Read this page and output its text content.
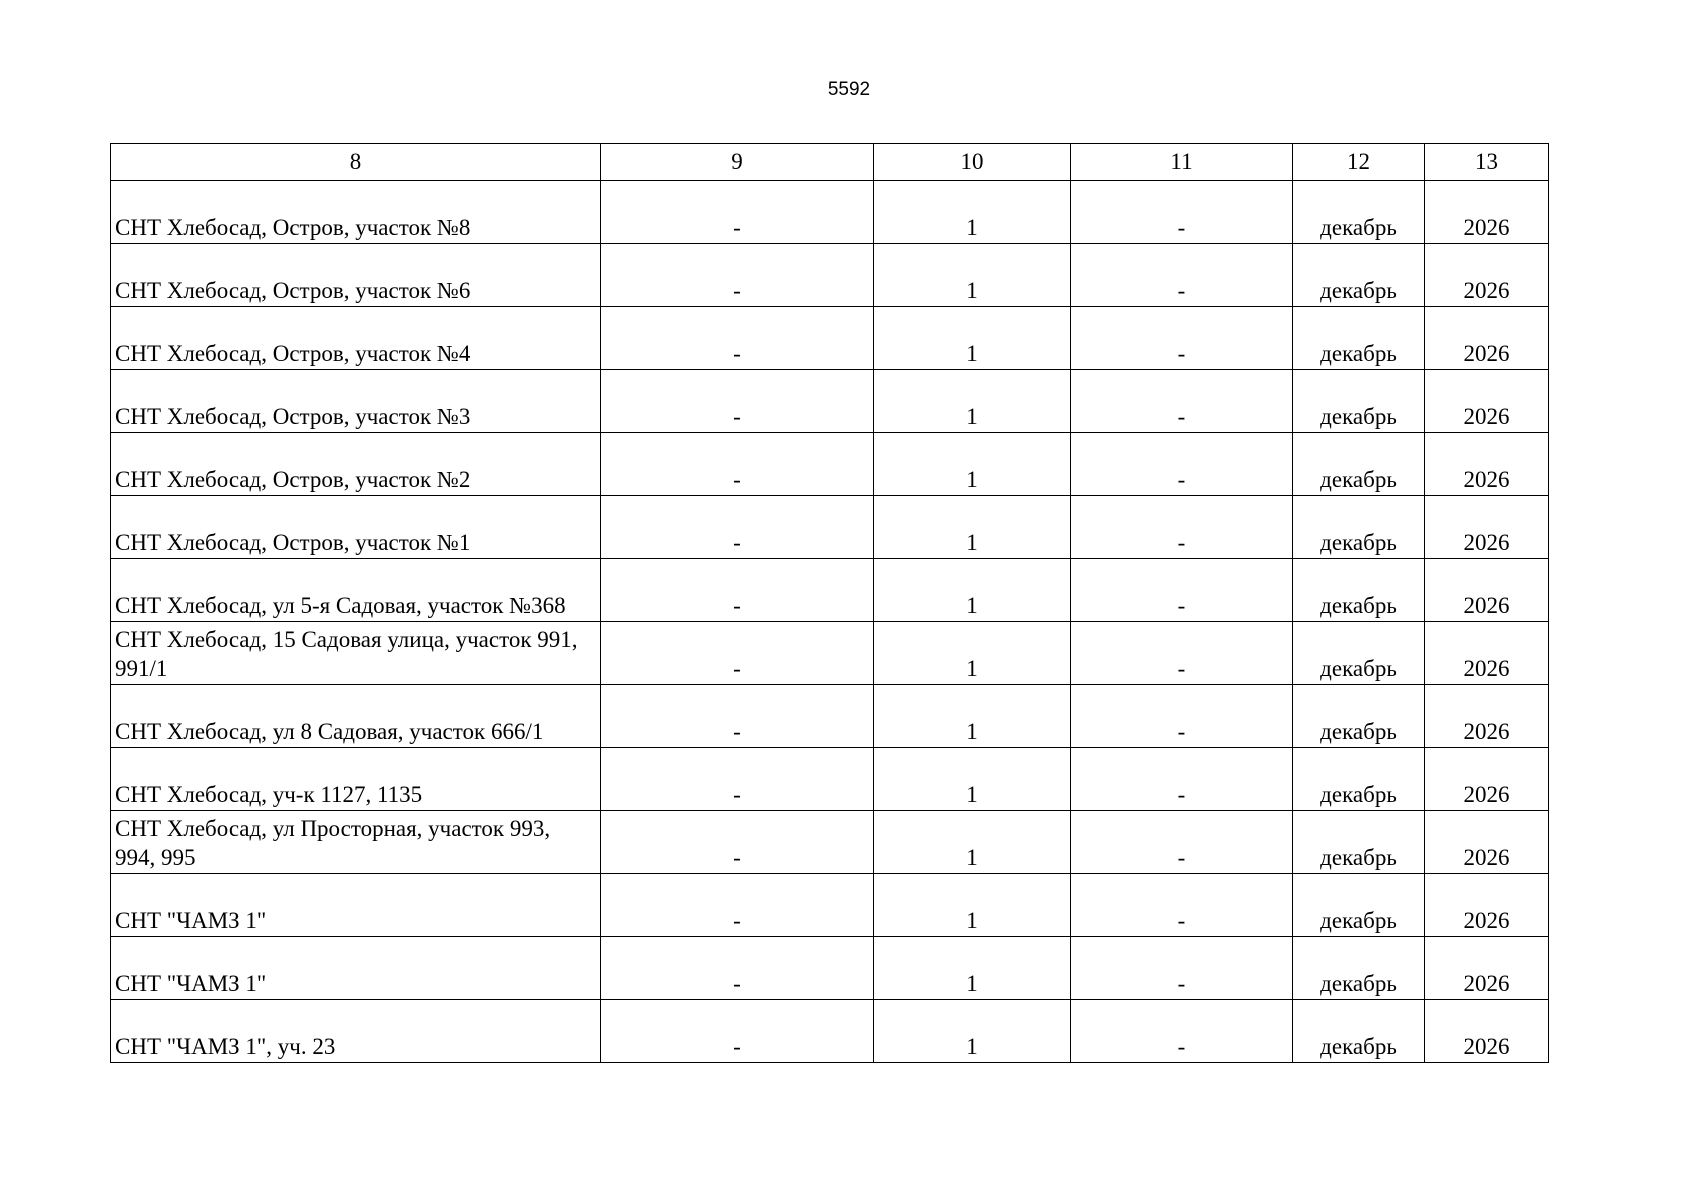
5592
8	9	10	11	12	13
СНТ Хлебосад, Остров, участок №8	-	1	-	декабрь	2026
СНТ Хлебосад, Остров, участок №6	-	1	-	декабрь	2026
СНТ Хлебосад, Остров, участок №4	-	1	-	декабрь	2026
СНТ Хлебосад, Остров, участок №3	-	1	-	декабрь	2026
СНТ Хлебосад, Остров, участок №2	-	1	-	декабрь	2026
СНТ Хлебосад, Остров, участок №1	-	1	-	декабрь	2026
СНТ Хлебосад, ул 5-я Садовая, участок №368	-	1	-	декабрь	2026
СНТ Хлебосад, 15 Садовая улица, участок 991, 991/1	-	1	-	декабрь	2026
СНТ Хлебосад, ул 8 Садовая, участок 666/1	-	1	-	декабрь	2026
СНТ Хлебосад, уч-к 1127, 1135	-	1	-	декабрь	2026
СНТ Хлебосад, ул Просторная, участок 993, 994, 995	-	1	-	декабрь	2026
СНТ "ЧАМЗ 1"	-	1	-	декабрь	2026
СНТ "ЧАМЗ 1"	-	1	-	декабрь	2026
СНТ "ЧАМЗ 1", уч. 23	-	1	-	декабрь	2026
